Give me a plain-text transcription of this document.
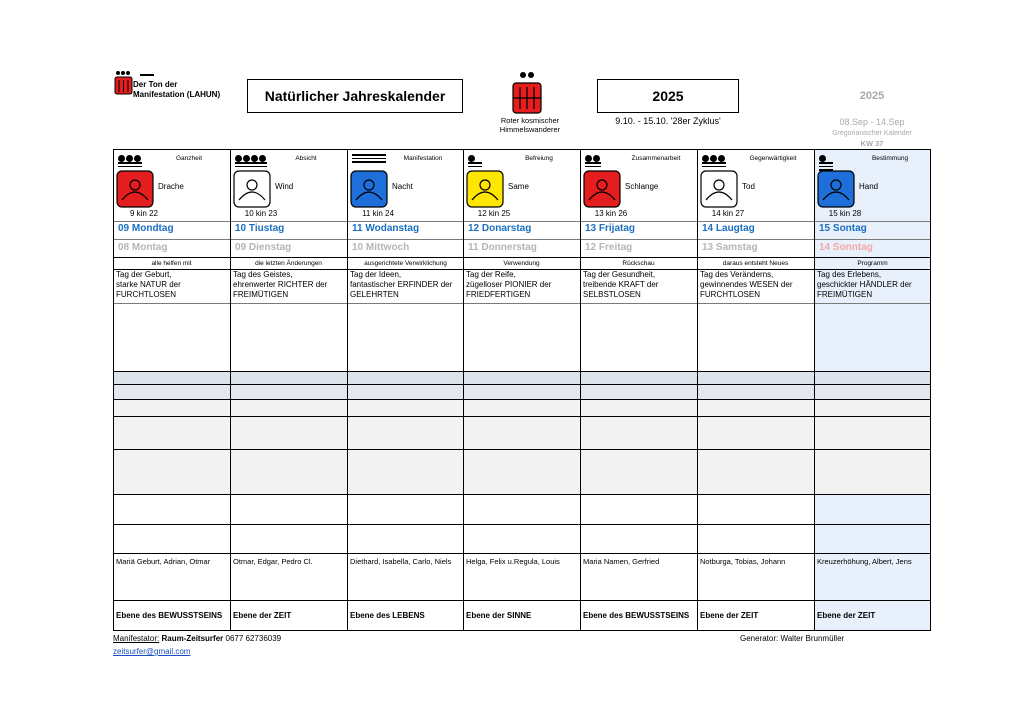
Der Ton der Manifestation (LAHUN)	Natürlicher Jahreskalender
Roter kosmischer Himmelswanderer
2025
9.10. - 15.10. '28er Zyklus'
2025
08.Sep - 14.Sep
Gregorianischer Kalender
KW 37
Ganzheit
Drache
9 kin 22
09 Mondtag
08 Montag
alle helfen mit
Tag der Geburt,
starke NATUR der
FURCHTLOSEN
Mariä Geburt, Adrian, Otmar
Ebene des BEWUSSTSEINS
Absicht
Wind
10 kin 23
10 Tiustag
09 Dienstag
die letzten Änderungen
Tag des Geistes,
ehrenwerter RICHTER der
FREIMÜTIGEN
Otmar, Edgar, Pedro Cl.
Ebene der ZEIT
Manifestation
Nacht
11 kin 24
11 Wodanstag
10 Mittwoch
ausgerichtete Verwirklichung
Tag der Ideen,
fantastischer ERFINDER der
GELEHRTEN
Diethard, Isabella, Carlo, Niels
Ebene des LEBENS
Befreiung
Same
12 kin 25
12 Donarstag
11 Donnerstag
Verwendung
Tag der Reife,
zügelloser PIONIER der
FRIEDFERTIGEN
Helga, Felix u.Regula, Louis
Ebene der SINNE
Zusammenarbeit
Schlange
13 kin 26
13 Frijatag
12 Freitag
Rückschau
Tag der Gesundheit,
treibende KRAFT der
SELBSTLOSEN
Maria Namen, Gerfried
Ebene des BEWUSSTSEINS
Gegenwärtigkeit
Tod
14 kin 27
14 Laugtag
13 Samstag
daraus entsteht Neues
Tag des Veränderns,
gewinnendes WESEN der
FURCHTLOSEN
Notburga, Tobias, Johann
Ebene der ZEIT
Bestimmung
Hand
15 kin 28
15 Sontag
14 Sonntag
Programm
Tag des Erlebens,
geschickter HÄNDLER der
FREIMÜTIGEN
Kreuzerhöhung, Albert, Jens
Ebene der ZEIT
Manifestator: Raum-Zeitsurfer 0677 62736039
zeitsurfer@gmail.com
Generator: Walter Brunmüller
